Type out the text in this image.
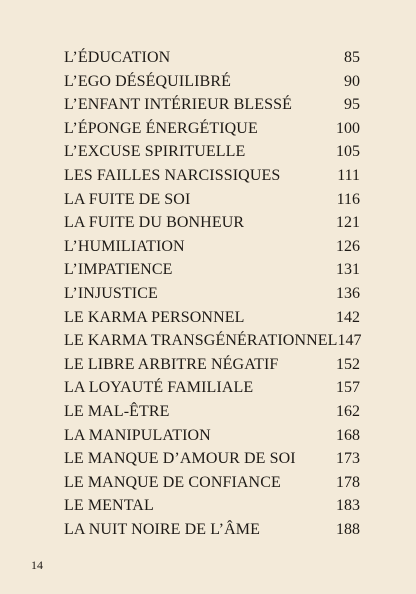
L’ÉDUCATION	85
L’EGO DÉSÉQUILIBRÉ	90
L’ENFANT INTÉRIEUR BLESSÉ	95
L’ÉPONGE ÉNERGÉTIQUE	100
L’EXCUSE SPIRITUELLE	105
LES FAILLES NARCISSIQUES	111
LA FUITE DE SOI	116
LA FUITE DU BONHEUR	121
L’HUMILIATION	126
L’IMPATIENCE	131
L’INJUSTICE	136
LE KARMA PERSONNEL	142
LE KARMA TRANSGÉNÉRATIONNEL 147
LE LIBRE ARBITRE NÉGATIF	152
LA LOYAUTÉ FAMILIALE	157
LE MAL-ÊTRE	162
LA MANIPULATION	168
LE MANQUE D’AMOUR DE SOI	173
LE MANQUE DE CONFIANCE	178
LE MENTAL	183
LA NUIT NOIRE DE L’ÂME	188
14
